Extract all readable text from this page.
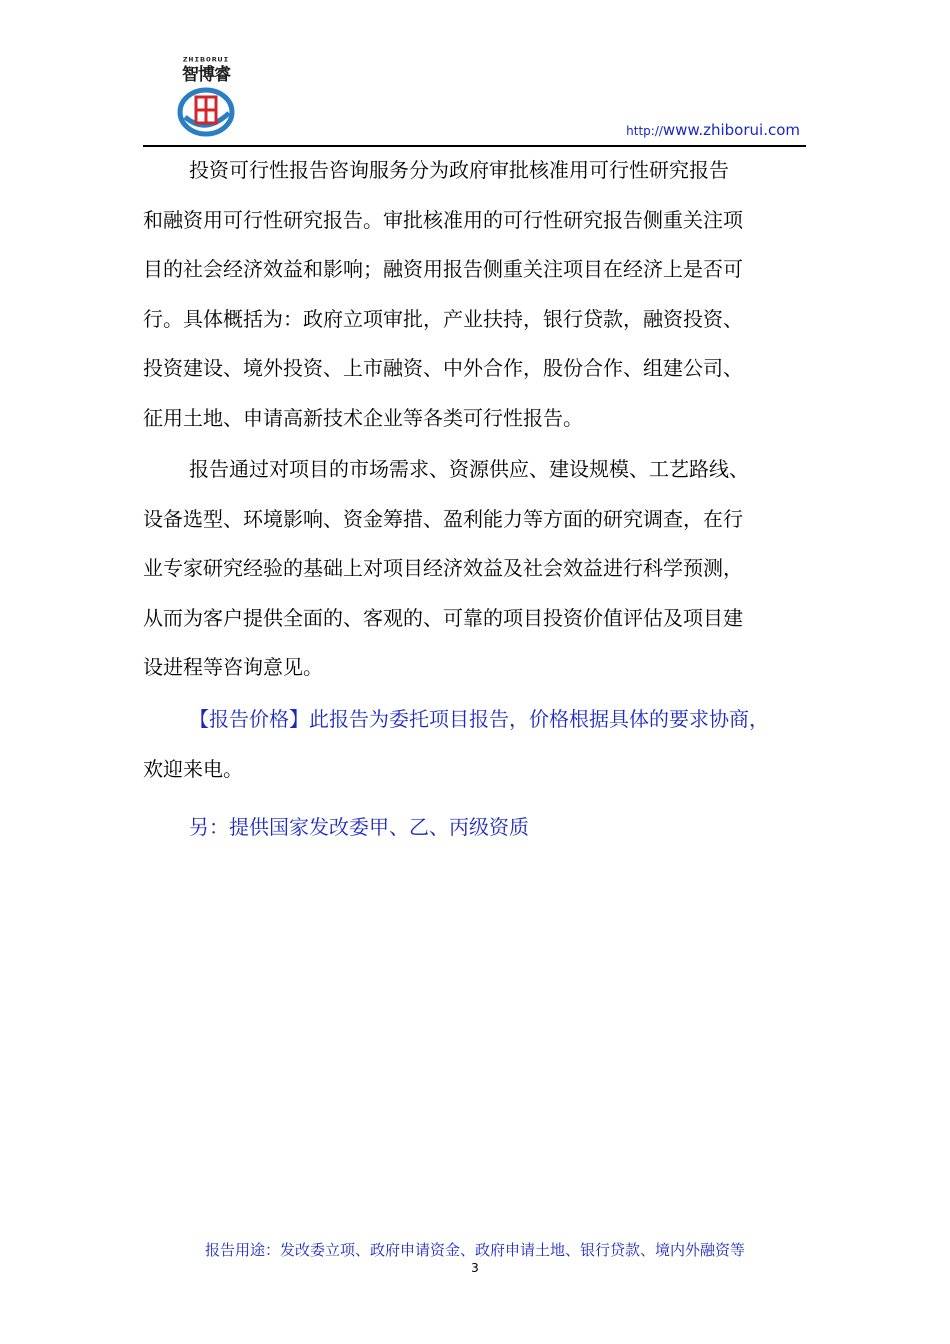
ZHIBORUI
智博睿
http://www.zhiborui.com
投资可行性报告咨询服务分为政府审批核准用可行性研究报告
和融资用可行性研究报告。审批核准用的可行性研究报告侧重关注项
目的社会经济效益和影响；融资用报告侧重关注项目在经济上是否可
行。具体概括为：政府立项审批，产业扶持，银行贷款，融资投资、
投资建设、境外投资、上市融资、中外合作，股份合作、组建公司、
征用土地、申请高新技术企业等各类可行性报告。
报告通过对项目的市场需求、资源供应、建设规模、工艺路线、
设备选型、环境影响、资金筹措、盈利能力等方面的研究调查，在行
业专家研究经验的基础上对项目经济效益及社会效益进行科学预测，
从而为客户提供全面的、客观的、可靠的项目投资价值评估及项目建
设进程等咨询意见。
【报告价格】此报告为委托项目报告，价格根据具体的要求协商，
欢迎来电。
另：提供国家发改委甲、乙、丙级资质
报告用途：发改委立项、政府申请资金、政府申请土地、银行贷款、境内外融资等
3
